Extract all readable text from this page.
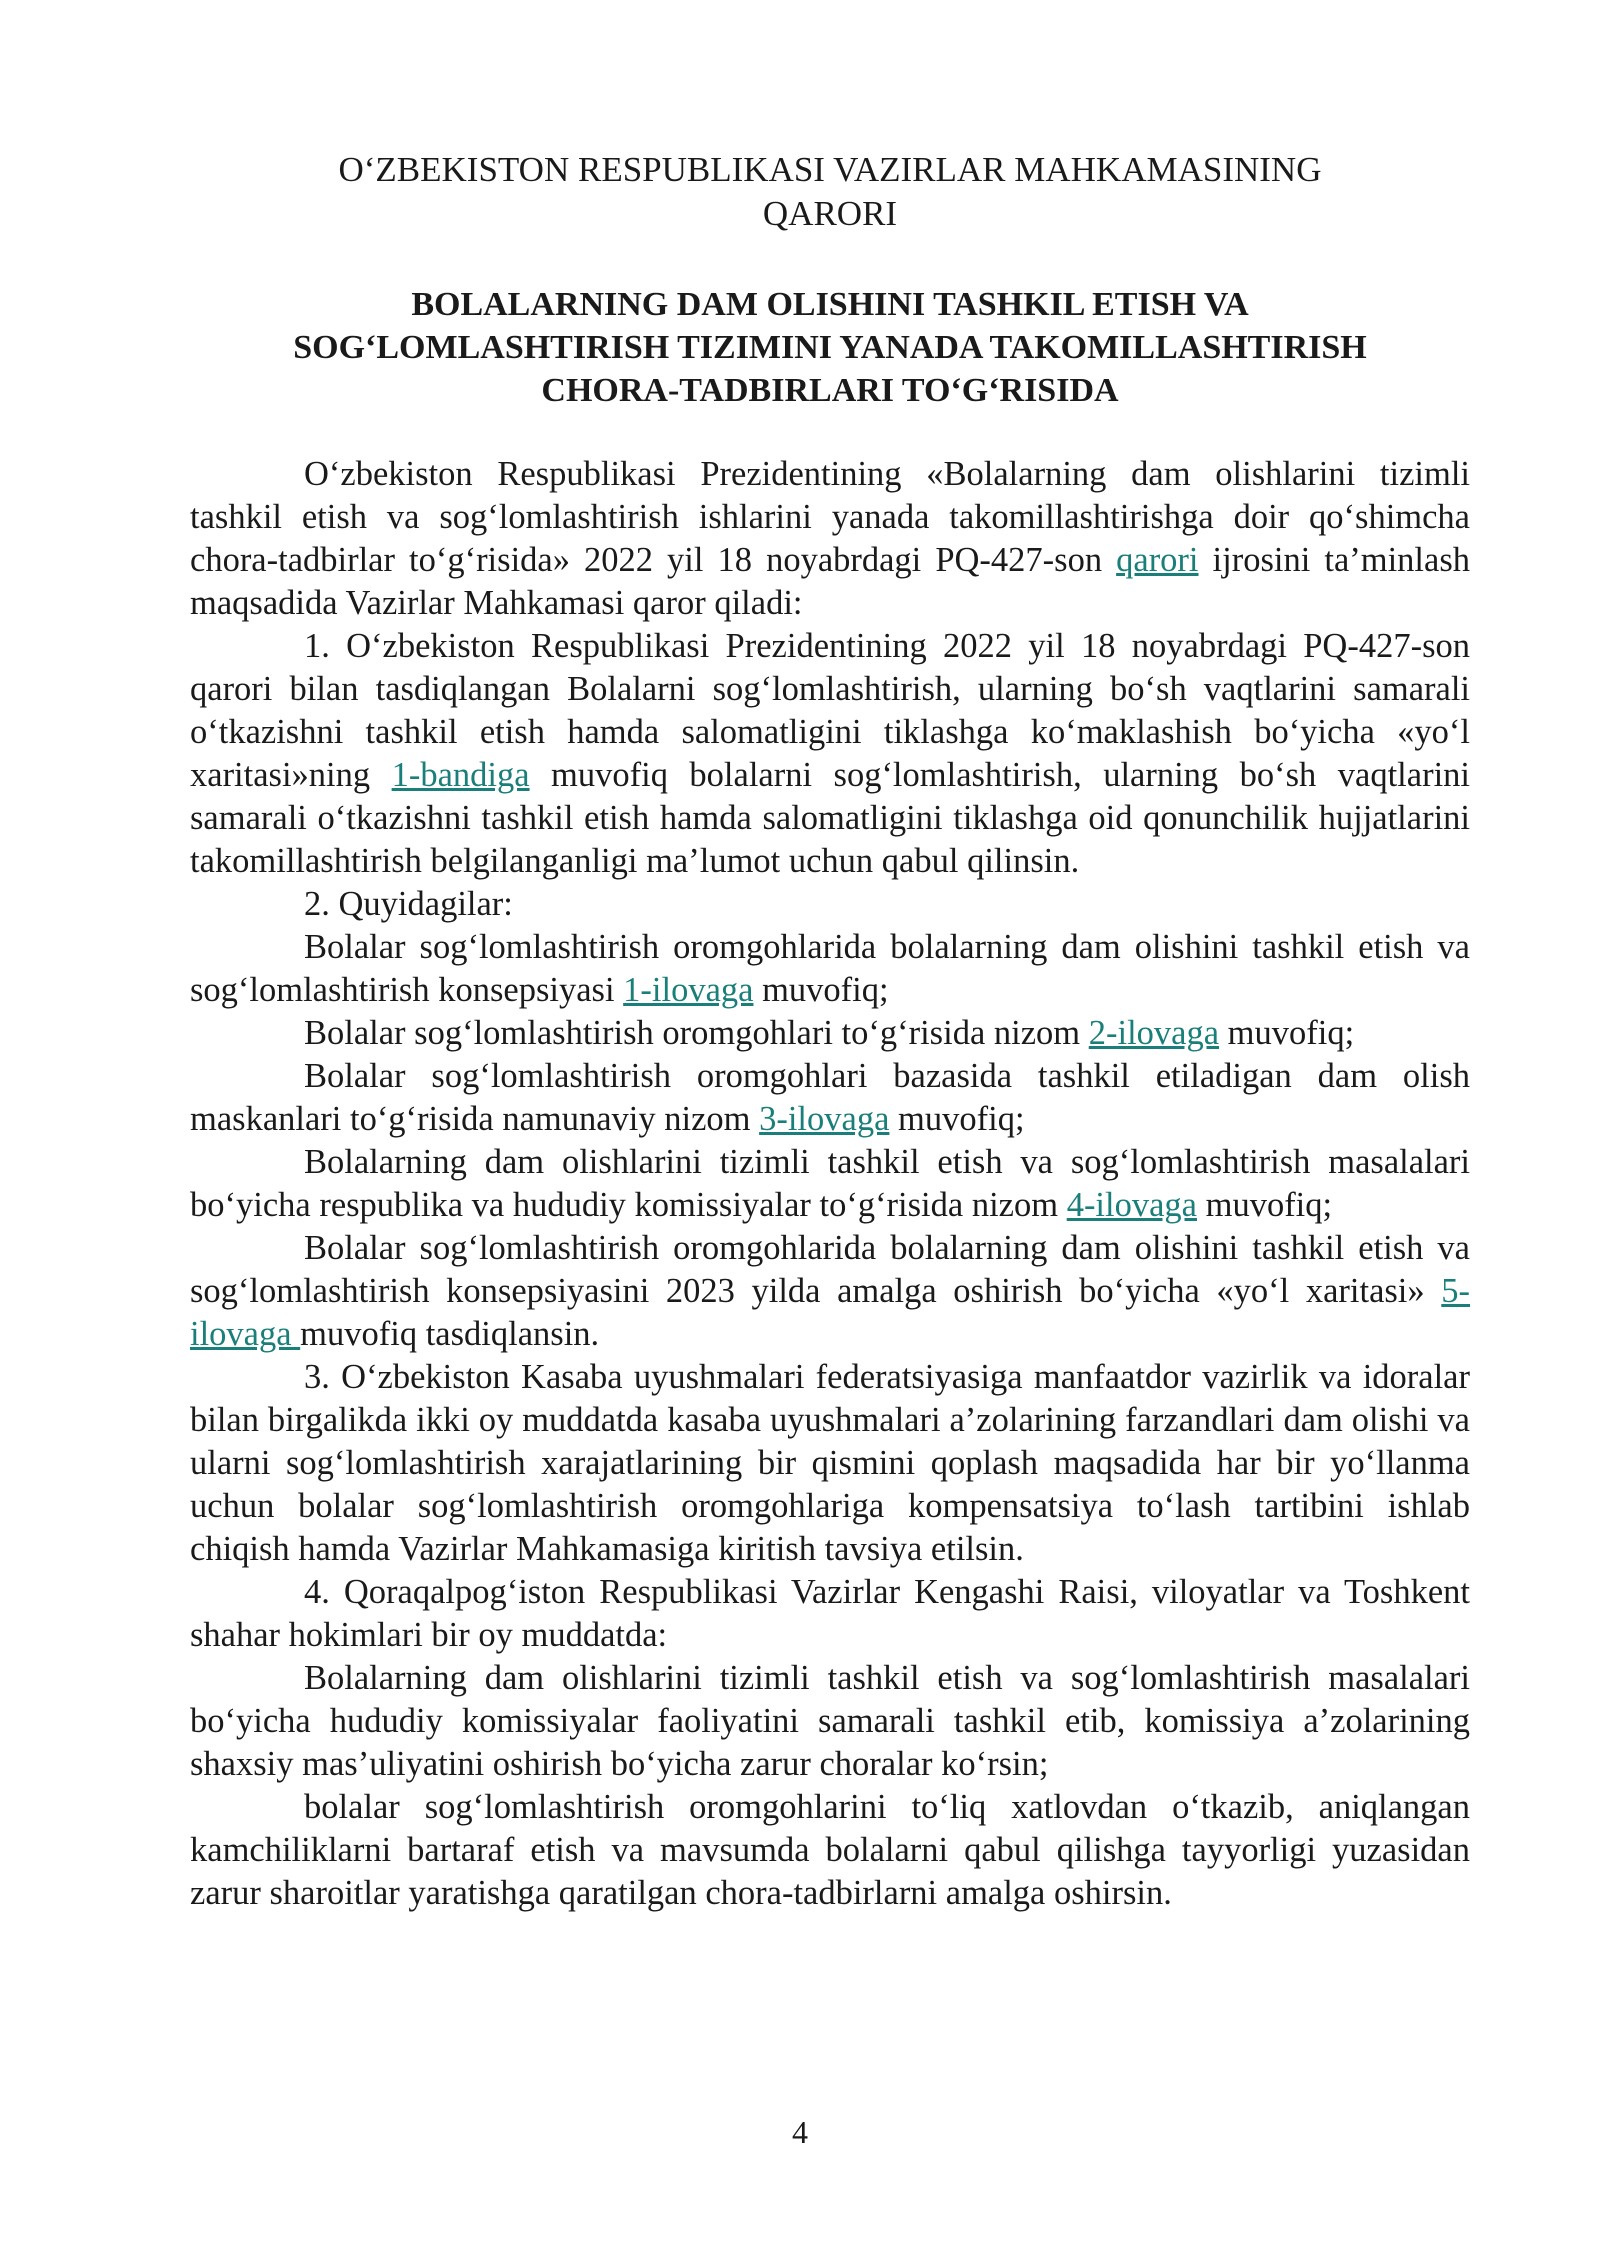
O‘ZBEKISTON RESPUBLIKASI VAZIRLAR MAHKAMASINING
QARORI
BOLALARNING DAM OLISHINI TASHKIL ETISH VA
SOG‘LOMLASHTIRISH TIZIMINI YANADA TAKOMILLASHTIRISH
CHORA-TADBIRLARI TO‘G‘RISIDA

O‘zbekiston Respublikasi Prezidentining «Bolalarning dam olishlarini tizimli tashkil etish va sog‘lomlashtirish ishlarini yanada takomillashtirishga doir qo‘shimcha chora-tadbirlar to‘g‘risida» 2022 yil 18 noyabrdagi PQ-427-son qarori ijrosini ta’minlash maqsadida Vazirlar Mahkamasi qaror qiladi:

1. O‘zbekiston Respublikasi Prezidentining 2022 yil 18 noyabrdagi PQ-427-son qarori bilan tasdiqlangan Bolalarni sog‘lomlashtirish, ularning bo‘sh vaqtlarini samarali o‘tkazishni tashkil etish hamda salomatligini tiklashga ko‘maklashish bo‘yicha «yo‘l xaritasi»ning 1-bandiga muvofiq bolalarni sog‘lomlashtirish, ularning bo‘sh vaqtlarini samarali o‘tkazishni tashkil etish hamda salomatligini tiklashga oid qonunchilik hujjatlarini takomillashtirish belgilanganligi ma’lumot uchun qabul qilinsin.

2. Quyidagilar:

Bolalar sog‘lomlashtirish oromgohlarida bolalarning dam olishini tashkil etish va sog‘lomlashtirish konsepsiyasi 1-ilovaga muvofiq;

Bolalar sog‘lomlashtirish oromgohlari to‘g‘risida nizom 2-ilovaga muvofiq;

Bolalar sog‘lomlashtirish oromgohlari bazasida tashkil etiladigan dam olish maskanlari to‘g‘risida namunaviy nizom 3-ilovaga muvofiq;

Bolalarning dam olishlarini tizimli tashkil etish va sog‘lomlashtirish masalalari bo‘yicha respublika va hududiy komissiyalar to‘g‘risida nizom 4-ilovaga muvofiq;

Bolalar sog‘lomlashtirish oromgohlarida bolalarning dam olishini tashkil etish va sog‘lomlashtirish konsepsiyasini 2023 yilda amalga oshirish bo‘yicha «yo‘l xaritasi» 5-ilovaga muvofiq tasdiqlansin.

3. O‘zbekiston Kasaba uyushmalari federatsiyasiga manfaatdor vazirlik va idoralar bilan birgalikda ikki oy muddatda kasaba uyushmalari a’zolarining farzandlari dam olishi va ularni sog‘lomlashtirish xarajatlarining bir qismini qoplash maqsadida har bir yo‘llanma uchun bolalar sog‘lomlashtirish oromgohlariga kompensatsiya to‘lash tartibini ishlab chiqish hamda Vazirlar Mahkamasiga kiritish tavsiya etilsin.

4. Qoraqalpog‘iston Respublikasi Vazirlar Kengashi Raisi, viloyatlar va Toshkent shahar hokimlari bir oy muddatda:

Bolalarning dam olishlarini tizimli tashkil etish va sog‘lomlashtirish masalalari bo‘yicha hududiy komissiyalar faoliyatini samarali tashkil etib, komissiya a’zolarining shaxsiy mas’uliyatini oshirish bo‘yicha zarur choralar ko‘rsin;

bolalar sog‘lomlashtirish oromgohlarini to‘liq xatlovdan o‘tkazib, aniqlangan kamchiliklarni bartaraf etish va mavsumda bolalarni qabul qilishga tayyorligi yuzasidan zarur sharoitlar yaratishga qaratilgan chora-tadbirlarni amalga oshirsin.

4
